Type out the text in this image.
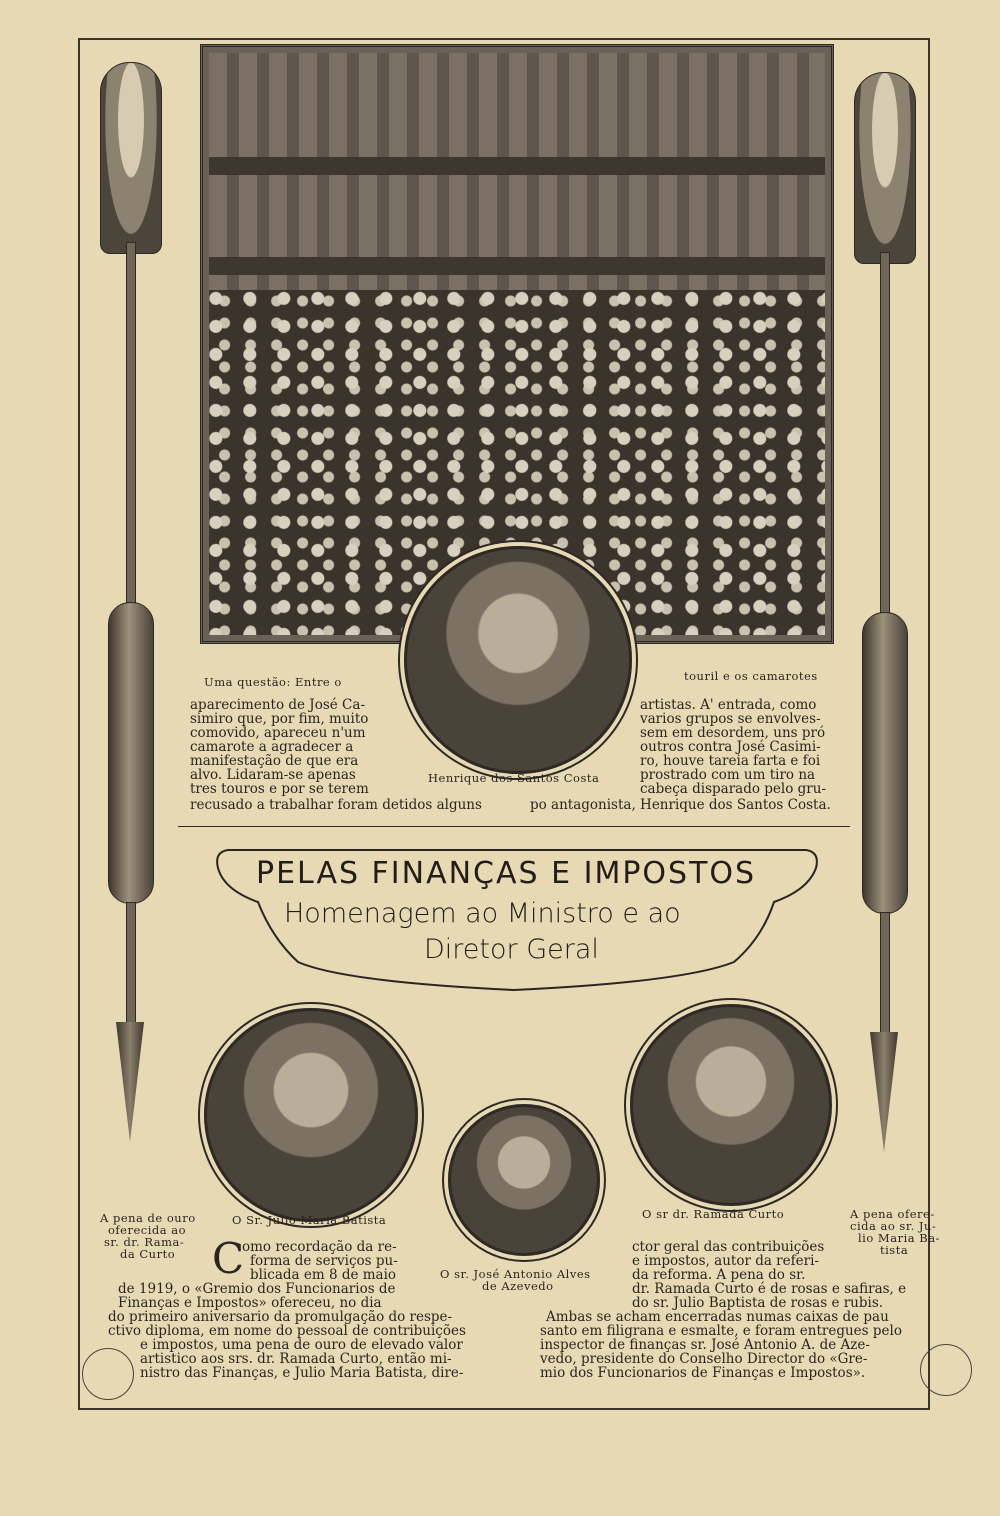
Uma questão: Entre o	touril e os camarotes
aparecimento de José Ca-
simiro que, por fim, muito
comovido, apareceu n'um
camarote a agradecer a
manifestação de que era
alvo. Lidaram-se apenas
tres touros e por se terem
recusado a trabalhar foram detidos alguns
Henrique dos Santos Costa
artistas. A' entrada, como
varios grupos se envolves-
sem em desordem, uns pró
outros contra José Casimi-
ro, houve tareia farta e foi
prostrado com um tiro na
cabeça disparado pelo gru-
po antagonista, Henrique dos Santos Costa.
PELAS FINANÇAS E IMPOSTOS
Homenagem ao Ministro e ao
Diretor Geral
A pena de ouro
oferecida ao
sr. dr. Rama-
da Curto
O Sr. Julio Maria Batista
O sr. José Antonio Alves
de Azevedo
O sr dr. Ramada Curto	A pena ofere-
cida ao sr. Ju-
lio Maria Ba-
tista
C
omo recordação da re-
forma de serviços pu-
blicada em 8 de maio
de 1919, o «Gremio dos Funcionarios de
Finanças e Impostos» ofereceu, no dia
do primeiro aniversario da promulgação do respe-
ctivo diploma, em nome do pessoal de contribuições
e impostos, uma pena de ouro de elevado valor
artistico aos srs. dr. Ramada Curto, então mi-
nistro das Finanças, e Julio Maria Batista, dire-
ctor geral das contribuições
e impostos, autor da referi-
da reforma. A pena do sr.
dr. Ramada Curto é de rosas e safiras, e
do sr. Julio Baptista de rosas e rubis.
Ambas se acham encerradas numas caixas de pau
santo em filigrana e esmalte, e foram entregues pelo
inspector de finanças sr. José Antonio A. de Aze-
vedo, presidente do Conselho Director do «Gre-
mio dos Funcionarios de Finanças e Impostos».
